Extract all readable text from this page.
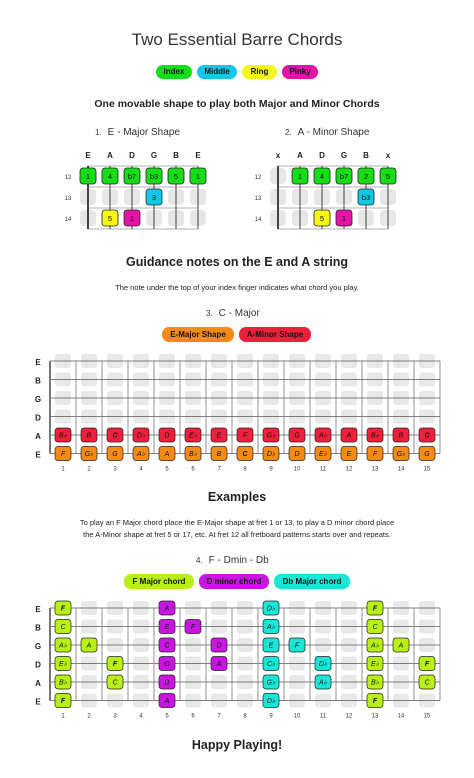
Two Essential Barre Chords
Index	Middle	Ring	Pinky
One movable shape to play both Major and Minor Chords
1. E - Major Shape	2. A - Minor Shape
E A D G B E
12
13
14
1 4 b7 b3 5 1
3
5 1
x A D G B x
12
13
14
1 4 b7 2 5
b3
5 1
Guidance notes on the E and A string
The note under the top of your index finger indicates what chord you play.
3. C - Major
E-Major Shape	A-Minor Shape
E
B
G
D
A
E
1	2	3	4	5	6	7	8	9	10	11	12	13	14	15
B♭	B	C	D♭	D	E♭	E	F	G♭	G	A♭	A	B♭	B	C
F	G♭	G	A♭	A	B♭	B	C	D♭	D	E♭	E	F	G♭	G
Examples
To play an F Major chord place the E-Major shape at fret 1 or 13, to play a D minor chord place
the A-Minor shape at fret 5 or 17, etc. At fret 12 all fretboard patterns starts over and repeats.
4. F - Dmin - Db
F Major chord	D minor chord	Db Major chord
E
B
G
D
A
E
1	2	3	4	5	6	7	8	9	10	11	12	13	14	15
F	A	D♭	F
C	E	F	A♭	C
A♭	A	C	D	E	F	A♭	A
E♭	F	G	A	C♭	D♭	E♭	F
B♭	C	D	G♭	A♭	B♭	C
F	A	D♭	F
Happy Playing!
